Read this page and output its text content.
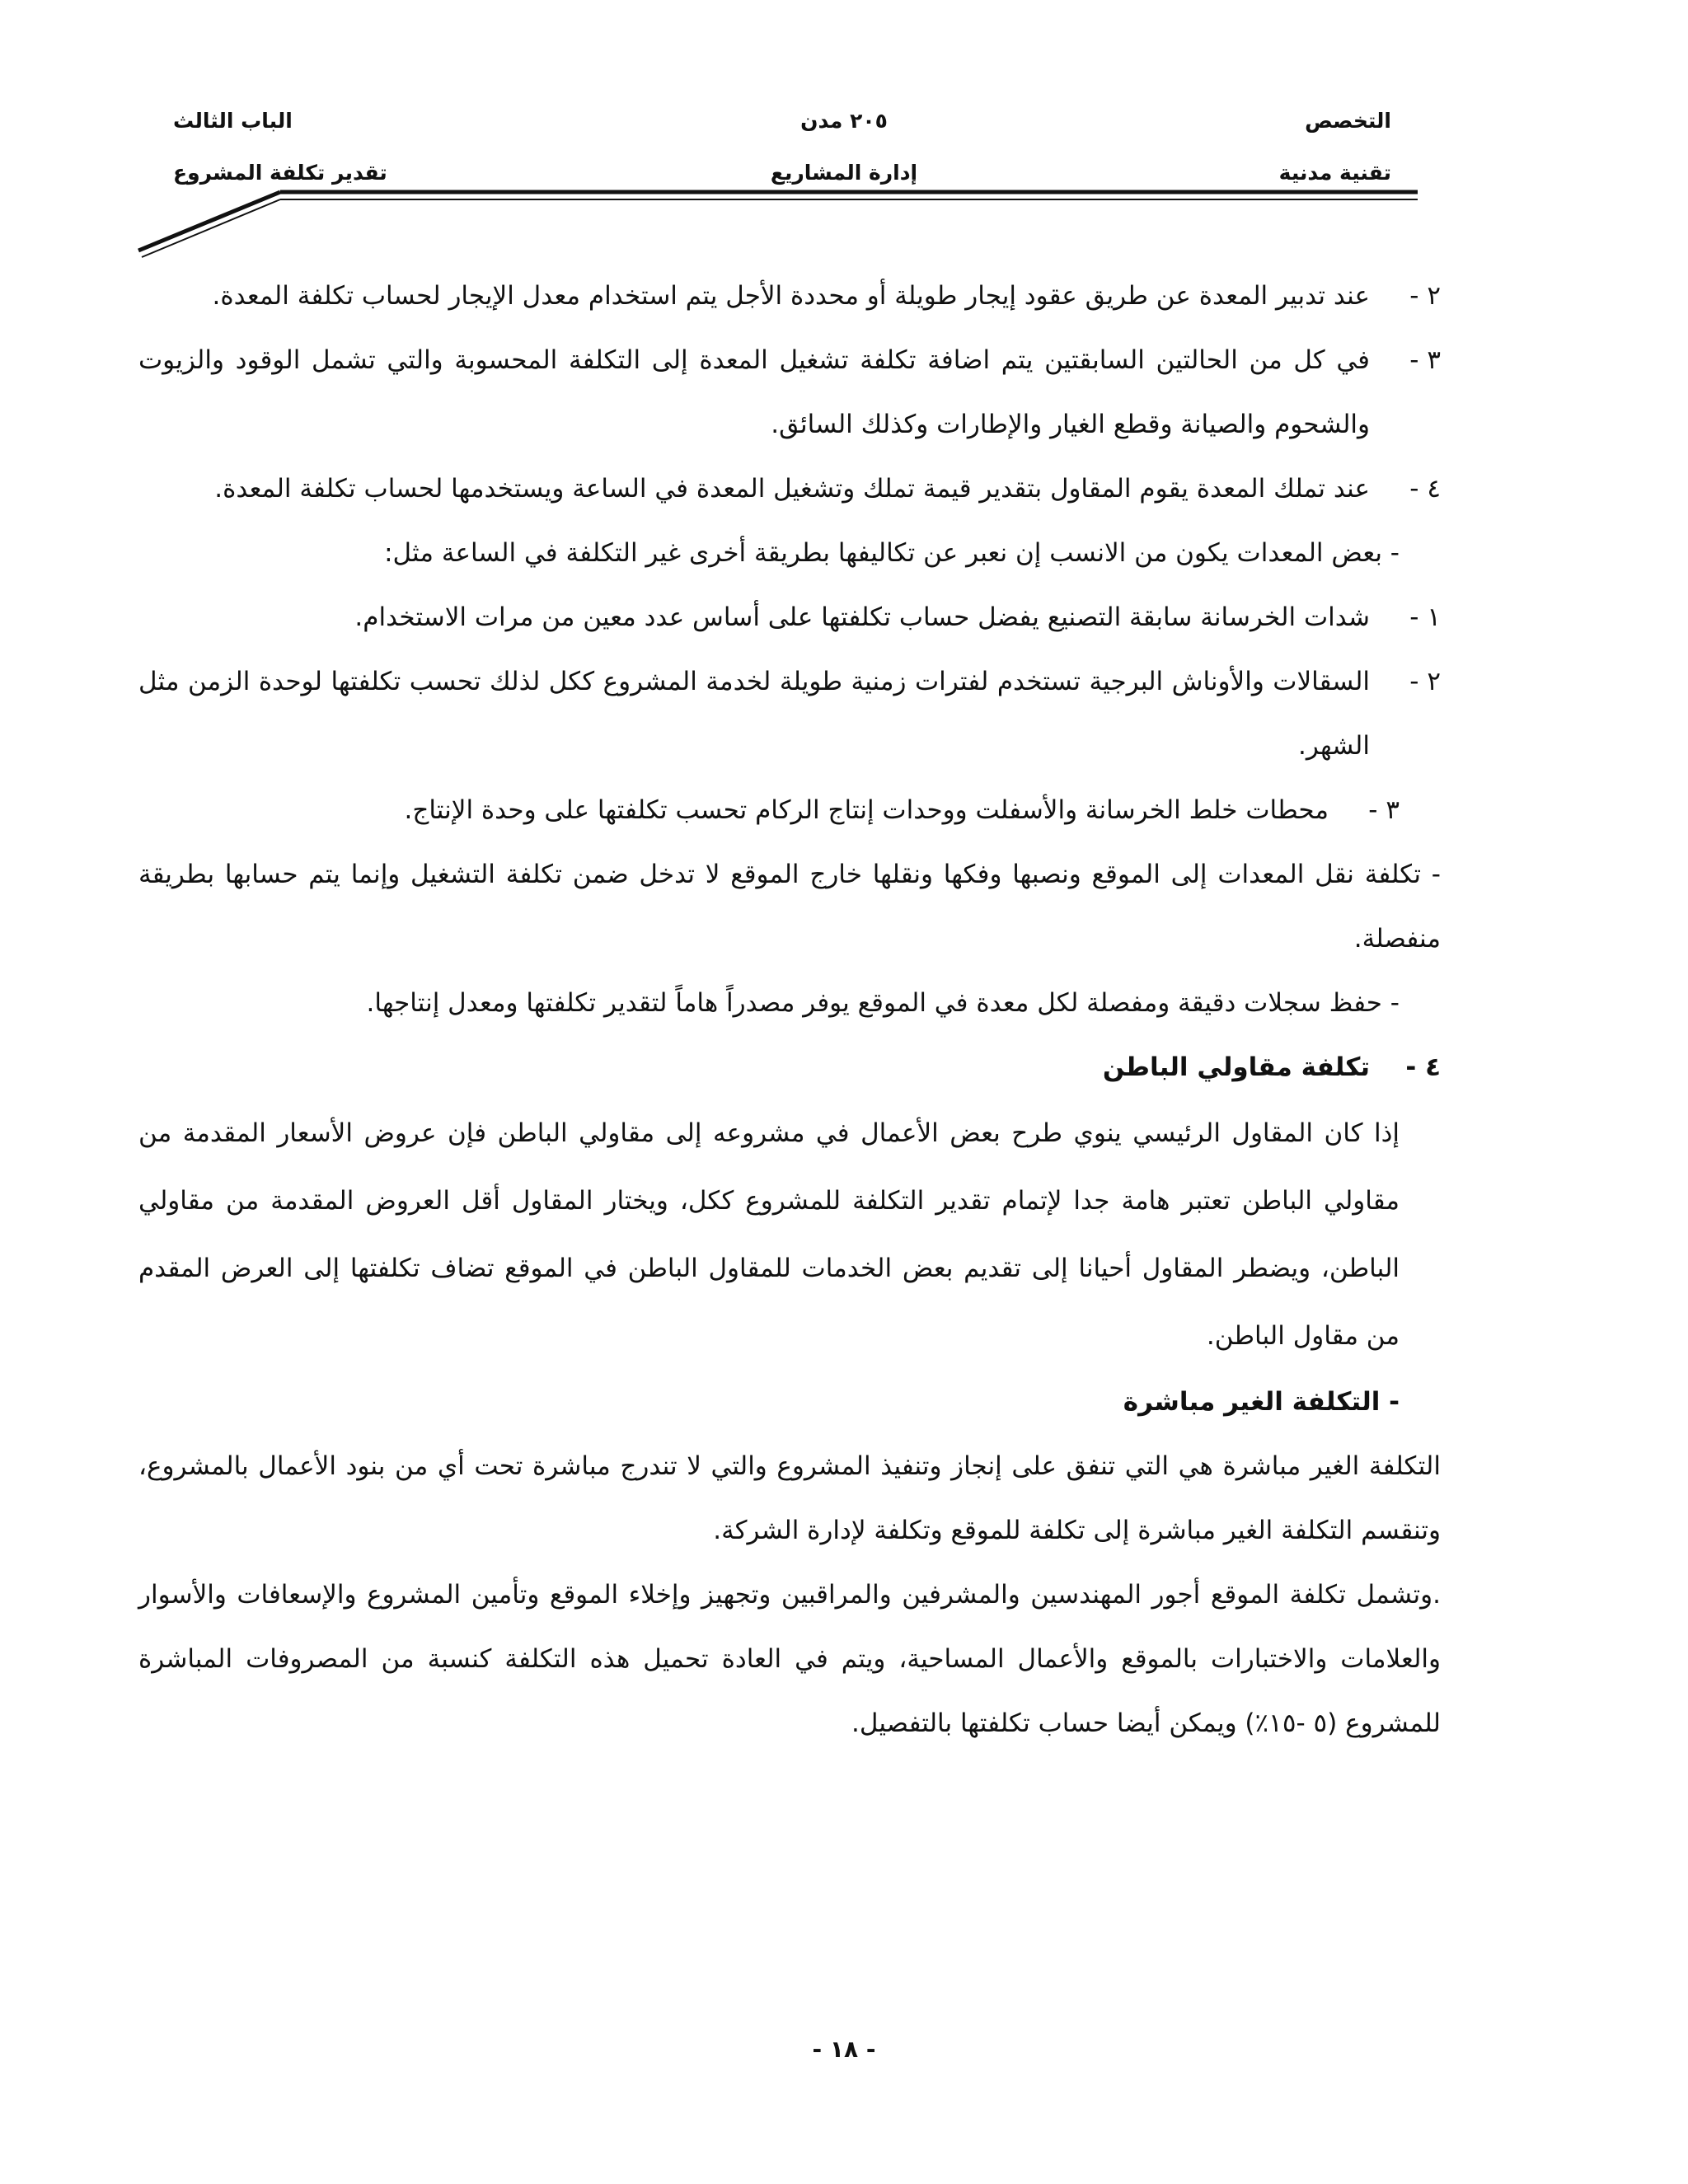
التخصص
تقنية مدنية
٢٠٥ مدن
إدارة المشاريع
الباب الثالث
تقدير تكلفة المشروع
٢ -
عند تدبير المعدة عن طريق عقود إيجار طويلة أو محددة الأجل يتم استخدام معدل الإيجار لحساب تكلفة المعدة.
٣ -
في كل من الحالتين السابقتين يتم اضافة تكلفة تشغيل المعدة إلى التكلفة المحسوبة والتي تشمل الوقود والزيوت والشحوم والصيانة وقطع الغيار والإطارات وكذلك السائق.
٤ -
عند تملك المعدة يقوم المقاول بتقدير قيمة تملك وتشغيل المعدة في الساعة ويستخدمها لحساب تكلفة المعدة.

- بعض المعدات يكون من الانسب إن نعبر عن تكاليفها بطريقة أخرى غير التكلفة في الساعة مثل:

١ -
شدات الخرسانة سابقة التصنيع يفضل حساب تكلفتها على أساس عدد معين من مرات الاستخدام.
٢ -
السقالات والأوناش البرجية تستخدم لفترات زمنية طويلة لخدمة المشروع ككل لذلك تحسب تكلفتها لوحدة الزمن مثل الشهر.
٣ -
محطات خلط الخرسانة والأسفلت ووحدات إنتاج الركام تحسب تكلفتها على وحدة الإنتاج.

- تكلفة نقل المعدات إلى الموقع ونصبها وفكها ونقلها خارج الموقع لا تدخل ضمن تكلفة التشغيل وإنما يتم حسابها بطريقة منفصلة.

- حفظ سجلات دقيقة ومفصلة لكل معدة في الموقع يوفر مصدراً هاماً لتقدير تكلفتها ومعدل إنتاجها.

٤ -
تكلفة مقاولي الباطن

إذا كان المقاول الرئيسي ينوي طرح بعض الأعمال في مشروعه إلى مقاولي الباطن فإن عروض الأسعار المقدمة من مقاولي الباطن تعتبر هامة جدا لإتمام تقدير التكلفة للمشروع ككل، ويختار المقاول أقل العروض المقدمة من مقاولي الباطن، ويضطر المقاول أحيانا إلى تقديم بعض الخدمات للمقاول الباطن في الموقع تضاف تكلفتها إلى العرض المقدم من مقاول الباطن.

- التكلفة الغير مباشرة

التكلفة الغير مباشرة هي التي تنفق على إنجاز وتنفيذ المشروع والتي لا تندرج مباشرة تحت أي من بنود الأعمال بالمشروع، وتنقسم التكلفة الغير مباشرة إلى تكلفة للموقع وتكلفة لإدارة الشركة.

.وتشمل تكلفة الموقع أجور المهندسين والمشرفين والمراقبين وتجهيز وإخلاء الموقع وتأمين المشروع والإسعافات والأسوار والعلامات والاختبارات بالموقع والأعمال المساحية، ويتم في العادة تحميل هذه التكلفة كنسبة من المصروفات المباشرة للمشروع (٥ -١٥٪) ويمكن أيضا حساب تكلفتها بالتفصيل.

- ١٨ -
